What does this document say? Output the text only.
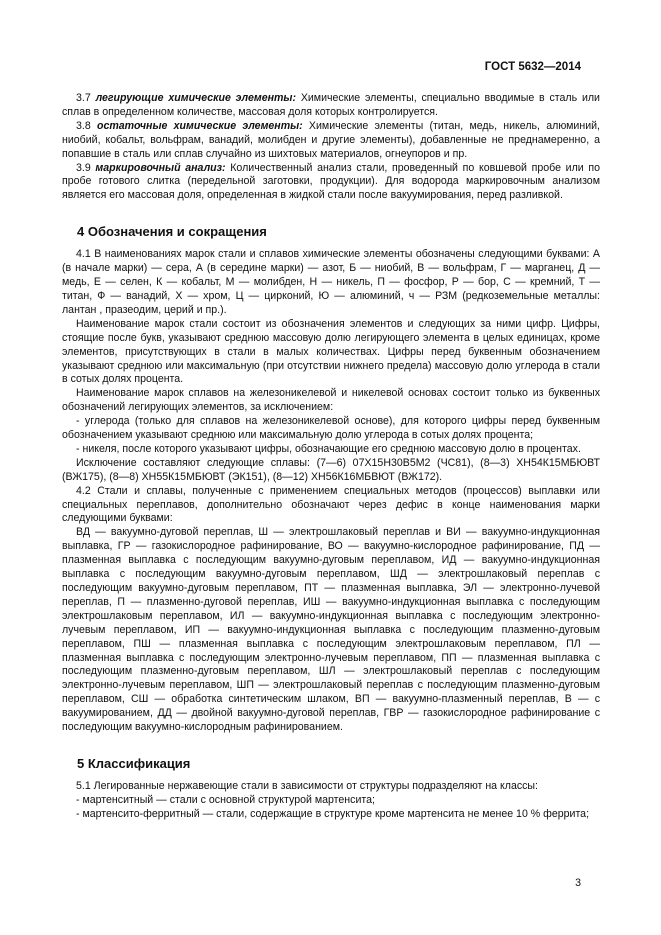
ГОСТ 5632—2014

3.7 легирующие химические элементы: Химические элементы, специально вводимые в сталь или сплав в определенном количестве, массовая доля которых контролируется.

3.8 остаточные химические элементы: Химические элементы (титан, медь, никель, алюминий, ниобий, кобальт, вольфрам, ванадий, молибден и другие элементы), добавленные не преднамеренно, а попавшие в сталь или сплав случайно из шихтовых материалов, огнеупоров и пр.

3.9 маркировочный анализ: Количественный анализ стали, проведенный по ковшевой пробе или по пробе готового слитка (передельной заготовки, продукции). Для водорода маркировочным анализом является его массовая доля, определенная в жидкой стали после вакуумирования, перед разливкой.

4 Обозначения и сокращения

4.1 В наименованиях марок стали и сплавов химические элементы обозначены следующими буквами: А (в начале марки) — сера, А (в середине марки) — азот, Б — ниобий, В — вольфрам, Г — марганец, Д — медь, Е — селен, К — кобальт, М — молибден, Н — никель, П — фосфор, Р — бор, С — кремний, Т — титан, Ф — ванадий, Х — хром, Ц — цирконий, Ю — алюминий, ч — РЗМ (редкоземельные металлы: лантан , празеодим, церий и пр.).

Наименование марок стали состоит из обозначения элементов и следующих за ними цифр. Цифры, стоящие после букв, указывают среднюю массовую долю легирующего элемента в целых единицах, кроме элементов, присутствующих в стали в малых количествах. Цифры перед буквенным обозначением указывают среднюю или максимальную (при отсутствии нижнего предела) массовую долю углерода в стали в сотых долях процента.

Наименование марок сплавов на железоникелевой и никелевой основах состоит только из буквенных обозначений легирующих элементов, за исключением:

- углерода (только для сплавов на железоникелевой основе), для которого цифры перед буквенным обозначением указывают среднюю или максимальную долю углерода в сотых долях процента;

- никеля, после которого указывают цифры, обозначающие его среднюю массовую долю в процентах.

Исключение составляют следующие сплавы: (7—6) 07Х15Н30В5М2 (ЧС81), (8—3) ХН54К15МБЮВТ (ВЖ175), (8—8) ХН55К15МБЮВТ (ЭК151), (8—12) ХН56К16МБВЮТ (ВЖ172).

4.2 Стали и сплавы, полученные с применением специальных методов (процессов) выплавки или специальных переплавов, дополнительно обозначают через дефис в конце наименования марки следующими буквами:

ВД — вакуумно-дуговой переплав, Ш — электрошлаковый переплав и ВИ — вакуумно-индукционная выплавка, ГР — газокислородное рафинирование, ВО — вакуумно-кислородное рафинирование, ПД — плазменная выплавка с последующим вакуумно-дуговым переплавом, ИД — вакуумно-индукционная выплавка с последующим вакуумно-дуговым переплавом, ШД — электрошлаковый переплав с последующим вакуумно-дуговым переплавом, ПТ — плазменная выплавка, ЭЛ — электронно-лучевой переплав, П — плазменно-дуговой переплав, ИШ — вакуумно-индукционная выплавка с последующим электрошлаковым переплавом, ИЛ — вакуумно-индукционная выплавка с последующим электронно-лучевым переплавом, ИП — вакуумно-индукционная выплавка с последующим плазменно-дуговым переплавом, ПШ — плазменная выплавка с последующим электрошлаковым переплавом, ПЛ — плазменная выплавка с последующим электронно-лучевым переплавом, ПП — плазменная выплавка с последующим плазменно-дуговым переплавом, ШЛ — электрошлаковый переплав с последующим электронно-лучевым переплавом, ШП — электрошлаковый переплав с последующим плазменно-дуговым переплавом, СШ — обработка синтетическим шлаком, ВП — вакуумно-плазменный переплав, В — с вакуумированием, ДД — двойной вакуумно-дуговой переплав, ГВР — газокислородное рафинирование с последующим вакуумно-кислородным рафинированием.

5 Классификация

5.1 Легированные нержавеющие стали в зависимости от структуры подразделяют на классы:

- мартенситный — стали с основной структурой мартенсита;

- мартенсито-ферритный — стали, содержащие в структуре кроме мартенсита не менее 10 % феррита;

3
